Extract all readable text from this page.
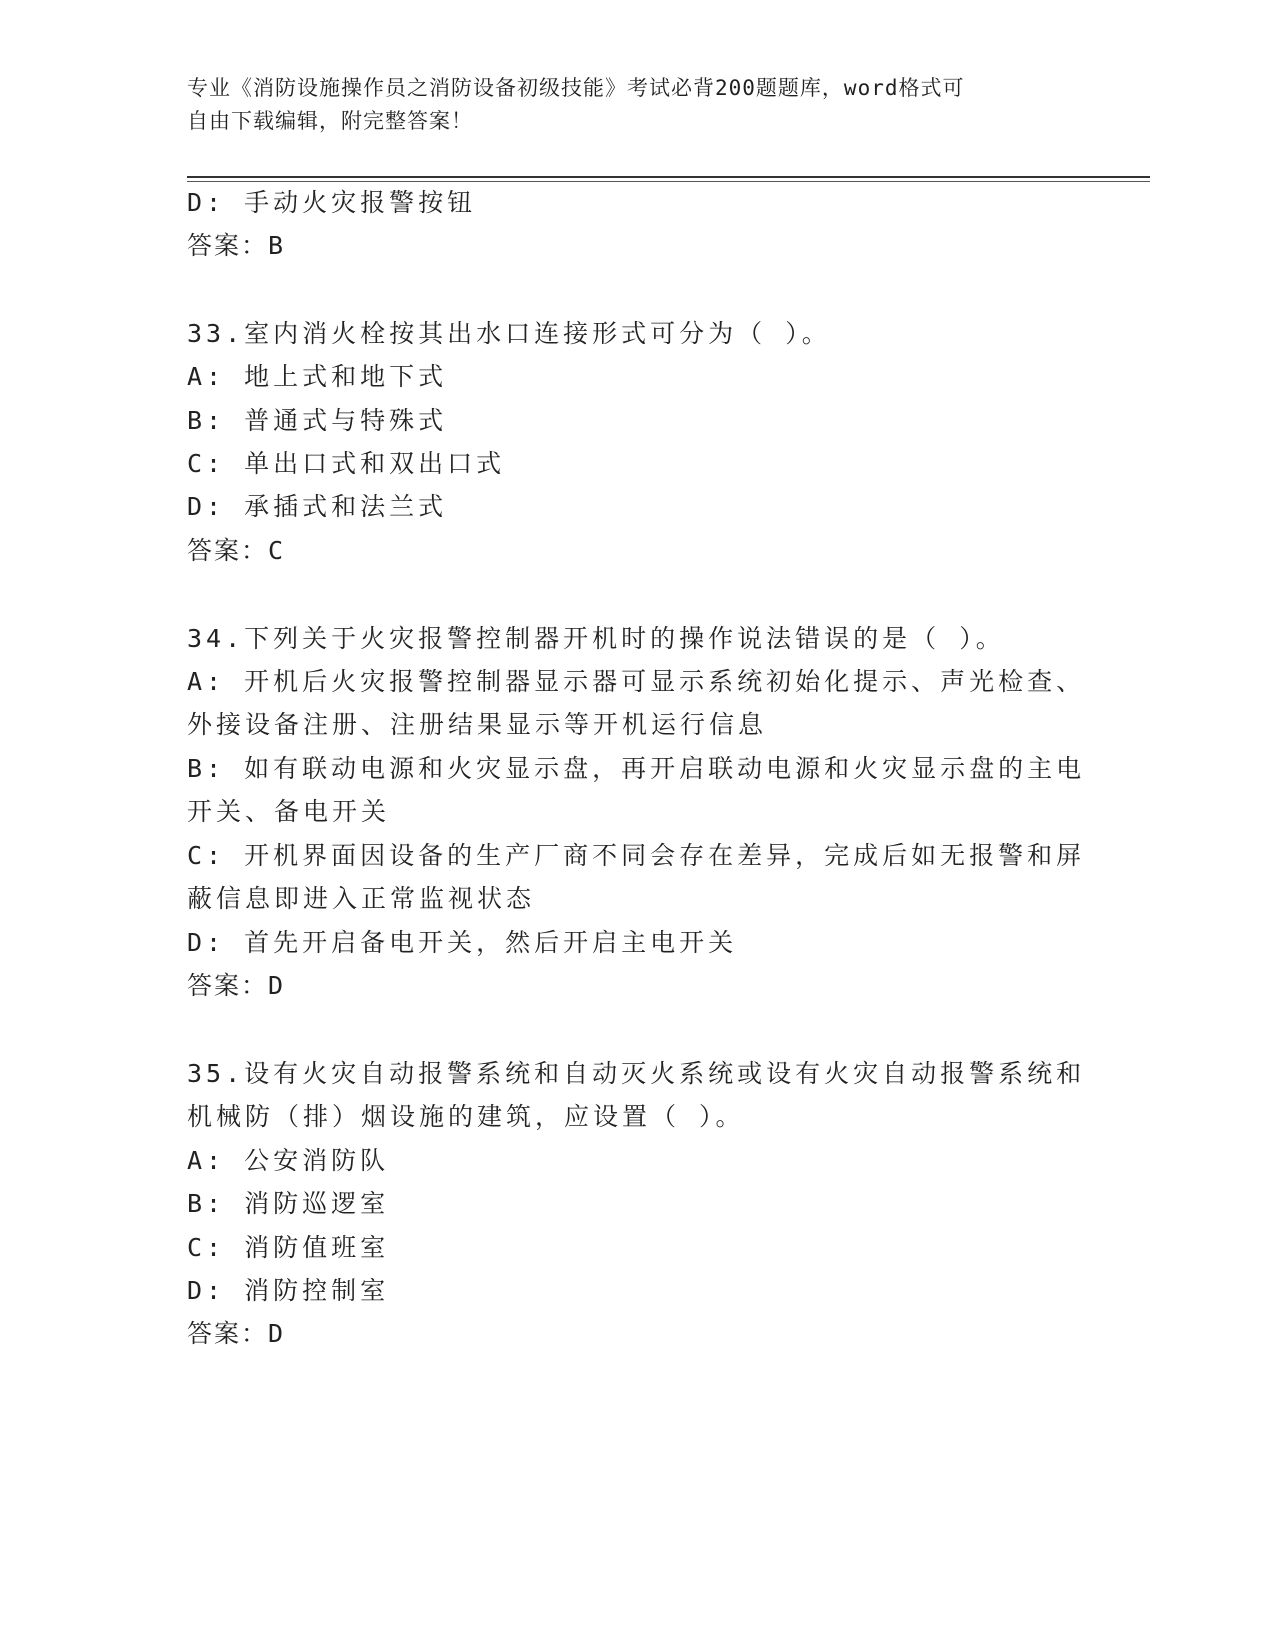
专业《消防设施操作员之消防设备初级技能》考试必背200题题库，word格式可
自由下载编辑，附完整答案！
D: 手动火灾报警按钮
答案：B
33.室内消火栓按其出水口连接形式可分为（ ）。
A: 地上式和地下式
B: 普通式与特殊式
C: 单出口式和双出口式
D: 承插式和法兰式
答案：C
34.下列关于火灾报警控制器开机时的操作说法错误的是（ ）。
A: 开机后火灾报警控制器显示器可显示系统初始化提示、声光检查、
外接设备注册、注册结果显示等开机运行信息
B: 如有联动电源和火灾显示盘，再开启联动电源和火灾显示盘的主电
开关、备电开关
C: 开机界面因设备的生产厂商不同会存在差异，完成后如无报警和屏
蔽信息即进入正常监视状态
D: 首先开启备电开关，然后开启主电开关
答案：D
35.设有火灾自动报警系统和自动灭火系统或设有火灾自动报警系统和
机械防（排）烟设施的建筑，应设置（ ）。
A: 公安消防队
B: 消防巡逻室
C: 消防值班室
D: 消防控制室
答案：D
